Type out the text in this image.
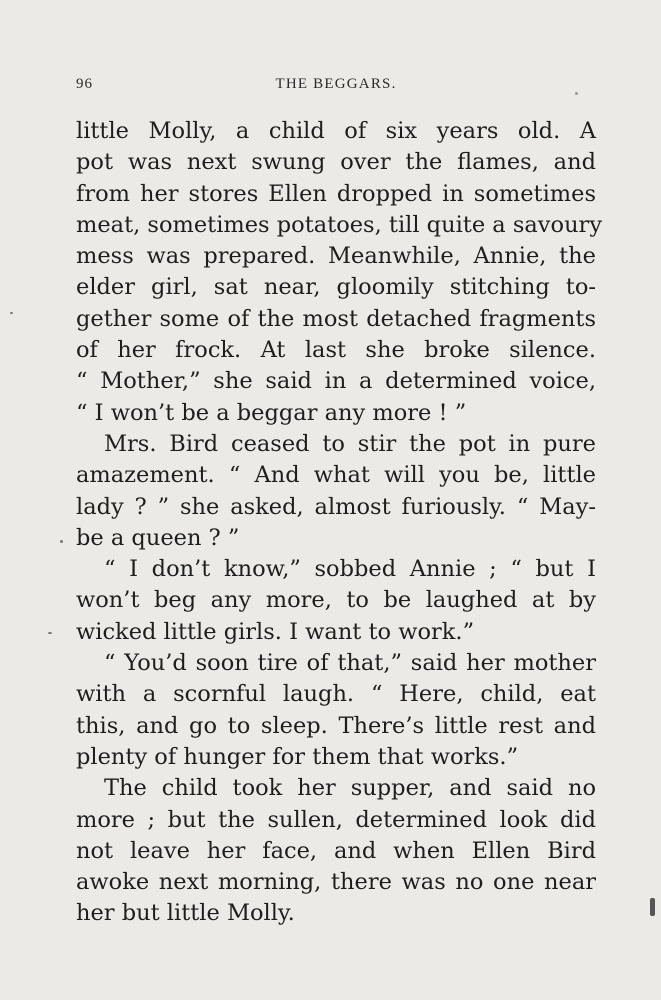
96	THE BEGGARS.
little Molly, a child of six years old. A
pot was next swung over the flames, and
from her stores Ellen dropped in sometimes
meat, sometimes potatoes, till quite a savoury
mess was prepared. Meanwhile, Annie, the
elder girl, sat near, gloomily stitching to-
gether some of the most detached fragments
of her frock. At last she broke silence.
“ Mother,” she said in a determined voice,
“ I won’t be a beggar any more ! ”
Mrs. Bird ceased to stir the pot in pure
amazement. “ And what will you be, little
lady ? ” she asked, almost furiously. “ May-
be a queen ? ”
“ I don’t know,” sobbed Annie ; “ but I
won’t beg any more, to be laughed at by
wicked little girls. I want to work.”
“ You’d soon tire of that,” said her mother
with a scornful laugh. “ Here, child, eat
this, and go to sleep. There’s little rest and
plenty of hunger for them that works.”
The child took her supper, and said no
more ; but the sullen, determined look did
not leave her face, and when Ellen Bird
awoke next morning, there was no one near
her but little Molly.
